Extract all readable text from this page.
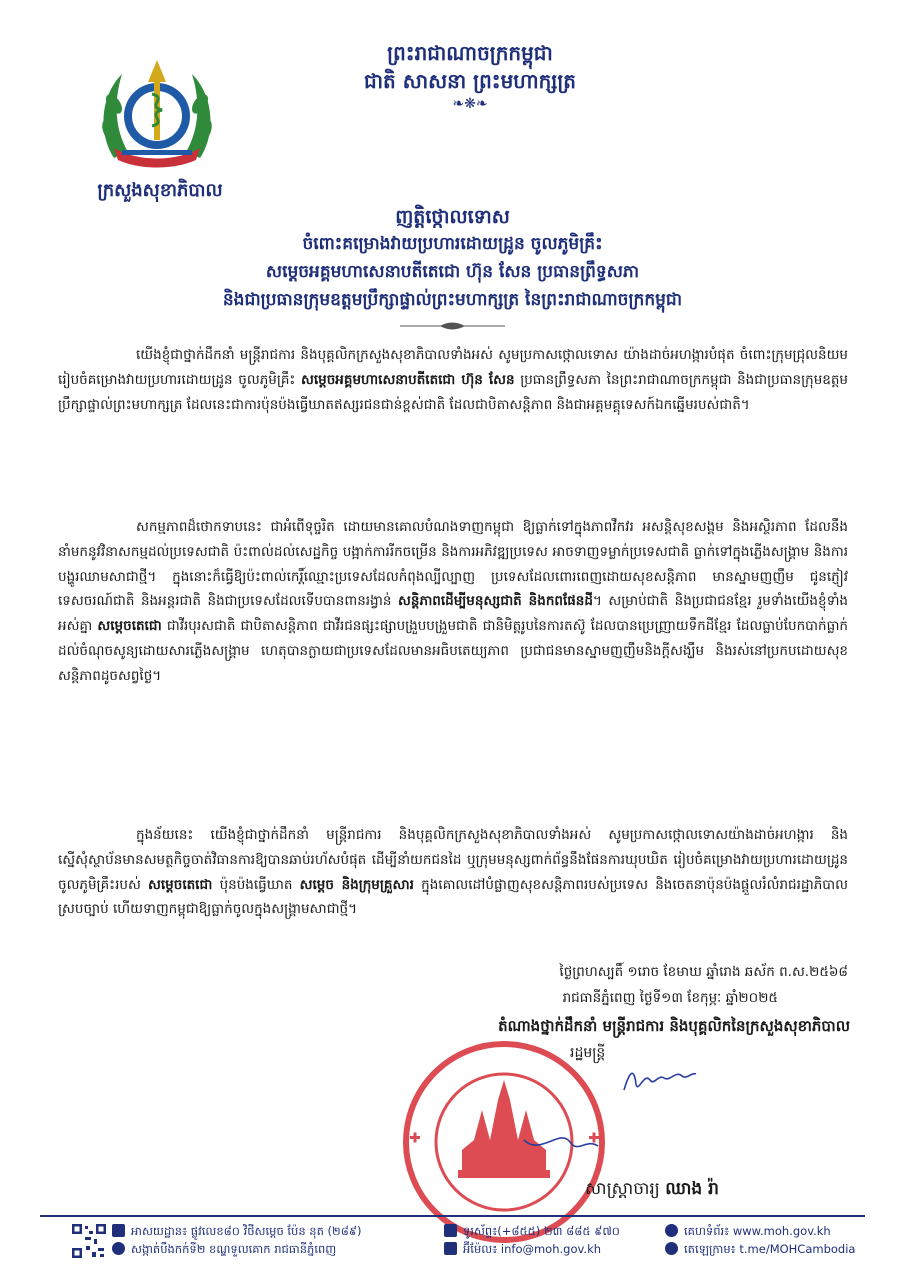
ព្រះរាជាណាចក្រកម្ពុជា
ជាតិ សាសនា ព្រះមហាក្សត្រ
❧❋❧
ក្រសួងសុខាភិបាល
ញត្តិថ្កោលទោស
ចំពោះគម្រោងវាយប្រហារដោយដ្រូន ចូលភូមិគ្រឹះ
សម្តេចអគ្គមហាសេនាបតីតេជោ ហ៊ុន សែន ប្រធានព្រឹទ្ធសភា
និងជាប្រធានក្រុមឧត្តមប្រឹក្សាផ្ទាល់ព្រះមហាក្សត្រ នៃព្រះរាជាណាចក្រកម្ពុជា

យើងខ្ញុំជាថ្នាក់ដឹកនាំ មន្ត្រីរាជការ និងបុគ្គលិកក្រសួងសុខាភិបាលទាំងអស់ សូមប្រកាសថ្កោលទោស យ៉ាងដាច់អហង្ការបំផុត ចំពោះក្រុមជ្រុលនិយមរៀបចំគម្រោងវាយប្រហារដោយដ្រូន ចូលភូមិគ្រឹះ សម្តេចអគ្គមហាសេនាបតីតេជោ ហ៊ុន សែន ប្រធានព្រឹទ្ធសភា នៃព្រះរាជាណាចក្រកម្ពុជា និងជាប្រធានក្រុមឧត្តមប្រឹក្សាផ្ទាល់ព្រះមហាក្សត្រ ដែលនេះជាការប៉ុនប៉ងធ្វើឃាតឥស្សរជនជាន់ខ្ពស់ជាតិ ដែលជាបិតាសន្តិភាព និងជាអគ្គមគ្គុទេសក៍ឯកឆ្នើមរបស់ជាតិ។

សកម្មភាពដ៏ថោកទាបនេះ ជាអំពើទុច្ចរិត ដោយមានគោលបំណងទាញកម្ពុជា ឱ្យធ្លាក់ទៅក្នុងភាពវឹកវរ អសន្តិសុខសង្គម និងអស្ថិរភាព ដែលនឹងនាំមកនូវវិនាសកម្មដល់ប្រទេសជាតិ ប៉ះពាល់ដល់សេដ្ឋកិច្ច បង្អាក់ការរីកចម្រើន និងការអភិវឌ្ឍប្រទេស អាចទាញទម្លាក់ប្រទេសជាតិ ធ្លាក់ទៅក្នុងភ្លើងសង្គ្រាម និងការបង្ហូរឈាមសាជាថ្មី។ ក្នុងនោះក៏ធ្វើឱ្យប៉ះពាល់កេរ្តិ៍ឈ្មោះប្រទេសដែលកំពុងល្បីល្បាញ ប្រទេសដែលពោរពេញដោយសុខសន្តិភាព មានស្នាមញញឹម ជូនភ្ញៀវទេសចរណ៍ជាតិ និងអន្តរជាតិ និងជាប្រទេសដែលទើបបានពានរង្វាន់ សន្តិភាពដើម្បីមនុស្សជាតិ និងកពផែនដី។ សម្រាប់ជាតិ និងប្រជាជនខ្មែរ រួមទាំងយើងខ្ញុំទាំងអស់គ្នា សម្តេចតេជោ ជាវីរបុរសជាតិ ជាបិតាសន្តិភាព ជាវីរជនផ្សះផ្សាបង្រួបបង្រួមជាតិ ជានិមិត្តរូបនៃការតស៊ូ ដែលបានប្រេញ្រាយទឹកដីខ្មែរ ដែលធ្លាប់បែកបាក់ធ្លាក់ដល់ចំណុចសូន្យដោយសារភ្លើងសង្គ្រាម ហេតុបានក្លាយជាប្រទេសដែលមានអធិបតេយ្យភាព ប្រជាជនមានស្នាមញញឹមនិងក្តីសង្ឃឹម និងរស់នៅប្រកបដោយសុខសន្តិភាពដូចសព្វថ្ងៃ។

ក្នុងន័យនេះ យើងខ្ញុំជាថ្នាក់ដឹកនាំ មន្ត្រីរាជការ និងបុគ្គលិកក្រសួងសុខាភិបាលទាំងអស់ សូមប្រកាសថ្កោលទោសយ៉ាងដាច់អហង្ការ និងស្នើសុំស្ថាប័នមានសមត្ថកិច្ចចាត់វិធានការឱ្យបានឆាប់រហ័សបំផុត ដើម្បីនាំយកជនដៃ ឬក្រុមមនុស្សពាក់ព័ន្ធនឹងផែនការឃុបឃិត រៀបចំគម្រោងវាយប្រហារដោយដ្រូន ចូលភូមិគ្រឹះរបស់ សម្តេចតេជោ ប៉ុនប៉ងធ្វើឃាត សម្តេច និងក្រុមគ្រួសារ ក្នុងគោលដៅបំផ្លាញសុខសន្តិភាពរបស់ប្រទេស និងចេតនាប៉ុនប៉ងផ្តួលរំលំរាជរដ្ឋាភិបាលស្របច្បាប់ ហើយទាញកម្ពុជាឱ្យធ្លាក់ចូលក្នុងសង្គ្រាមសាជាថ្មី។

ថ្ងៃព្រហស្បតិ៍ ១រោច ខែមាឃ ឆ្នាំរោង ឆស័ក ព.ស.២៥៦៨
រាជធានីភ្នំពេញ ថ្ងៃទី១៣ ខែកុម្ភៈ ឆ្នាំ២០២៥
តំណាងថ្នាក់ដឹកនាំ មន្ត្រីរាជការ និងបុគ្គលិកនៃក្រសួងសុខាភិបាល
រដ្ឋមន្ត្រី
សាស្ត្រាចារ្យ ឈាង រ៉ា
អាសយដ្ឋាន៖ ផ្លូវលេខ៨០ វិថីសម្តេច ប៉ែន នុត (២៨៩)
សង្កាត់បឹងកក់ទី២ ខណ្ឌទួលគោក រាជធានីភ្នំពេញ
ទូរស័ព្ទ៖(+៨៥៥) ២៣ ៨៨៥ ៩៧០
អ៊ីម៉ែល៖ info@moh.gov.kh
គេហទំព័រ៖ www.moh.gov.kh
តេឡេក្រាម៖ t.me/MOHCambodia
